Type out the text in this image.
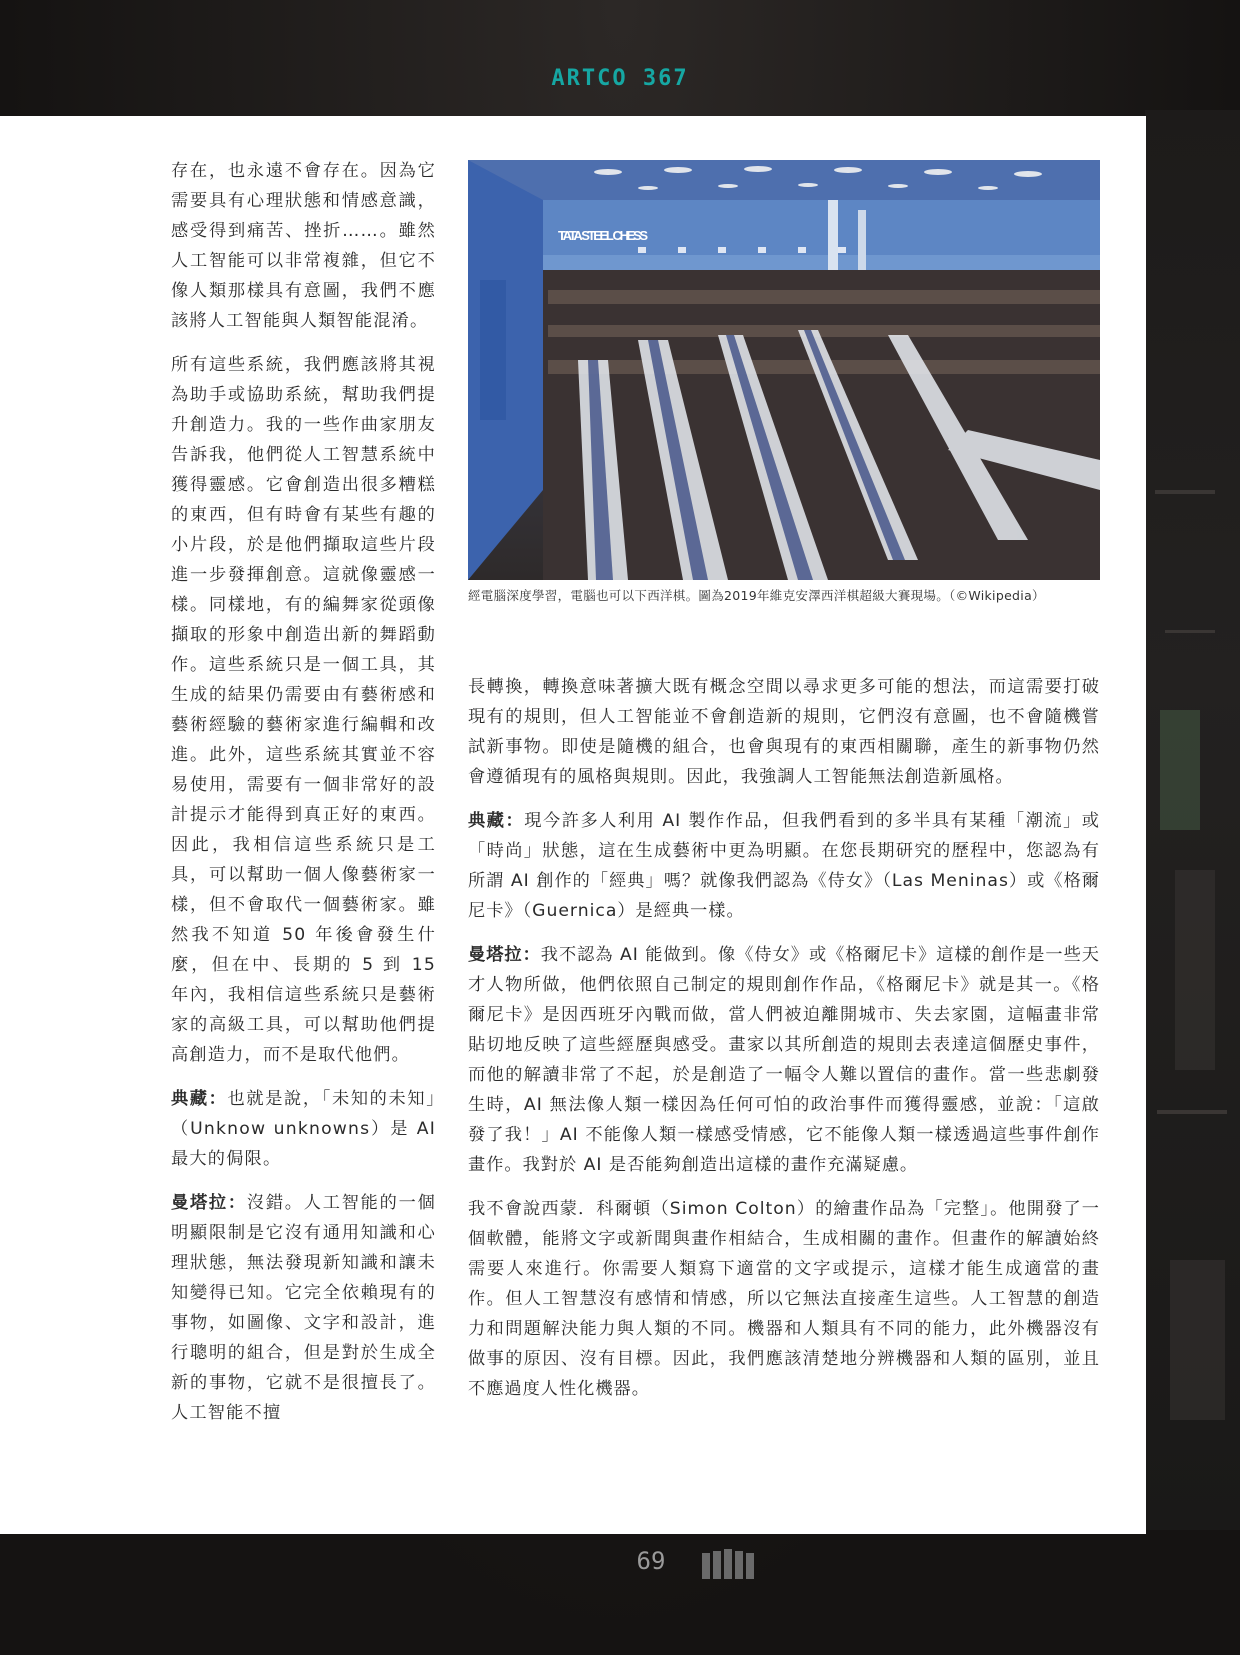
ARTCO 367

存在，也永遠不會存在。因為它需要具有心理狀態和情感意識，感受得到痛苦、挫折……。雖然人工智能可以非常複雜，但它不像人類那樣具有意圖，我們不應該將人工智能與人類智能混淆。

所有這些系統，我們應該將其視為助手或協助系統，幫助我們提升創造力。我的一些作曲家朋友告訴我，他們從人工智慧系統中獲得靈感。它會創造出很多糟糕的東西，但有時會有某些有趣的小片段，於是他們擷取這些片段進一步發揮創意。這就像靈感一樣。同樣地，有的編舞家從頭像擷取的形象中創造出新的舞蹈動作。這些系統只是一個工具，其生成的結果仍需要由有藝術感和藝術經驗的藝術家進行編輯和改進。此外，這些系統其實並不容易使用，需要有一個非常好的設計提示才能得到真正好的東西。因此，我相信這些系統只是工具，可以幫助一個人像藝術家一樣，但不會取代一個藝術家。雖然我不知道 50 年後會發生什麼，但在中、長期的 5 到 15 年內，我相信這些系統只是藝術家的高級工具，可以幫助他們提高創造力，而不是取代他們。

典藏：也就是說，「未知的未知」（Unknow unknowns）是 AI 最大的侷限。

曼塔拉：沒錯。人工智能的一個明顯限制是它沒有通用知識和心理狀態，無法發現新知識和讓未知變得已知。它完全依賴現有的事物，如圖像、文字和設計，進行聰明的組合，但是對於生成全新的事物，它就不是很擅長了。人工智能不擅

TATA STEEL CHESS
經電腦深度學習，電腦也可以下西洋棋。圖為2019年維克安澤西洋棋超級大賽現場。（©Wikipedia）

長轉換，轉換意味著擴大既有概念空間以尋求更多可能的想法，而這需要打破現有的規則，但人工智能並不會創造新的規則，它們沒有意圖，也不會隨機嘗試新事物。即使是隨機的組合，也會與現有的東西相關聯，產生的新事物仍然會遵循現有的風格與規則。因此，我強調人工智能無法創造新風格。

典藏：現今許多人利用 AI 製作作品，但我們看到的多半具有某種「潮流」或「時尚」狀態，這在生成藝術中更為明顯。在您長期研究的歷程中，您認為有所謂 AI 創作的「經典」嗎？就像我們認為《侍女》（Las Meninas）或《格爾尼卡》（Guernica）是經典一樣。

曼塔拉：我不認為 AI 能做到。像《侍女》或《格爾尼卡》這樣的創作是一些天才人物所做，他們依照自己制定的規則創作作品，《格爾尼卡》就是其一。《格爾尼卡》是因西班牙內戰而做，當人們被迫離開城市、失去家園，這幅畫非常貼切地反映了這些經歷與感受。畫家以其所創造的規則去表達這個歷史事件，而他的解讀非常了不起，於是創造了一幅令人難以置信的畫作。當一些悲劇發生時，AI 無法像人類一樣因為任何可怕的政治事件而獲得靈感，並說：「這啟發了我！」AI 不能像人類一樣感受情感，它不能像人類一樣透過這些事件創作畫作。我對於 AI 是否能夠創造出這樣的畫作充滿疑慮。

我不會說西蒙．科爾頓（Simon Colton）的繪畫作品為「完整」。他開發了一個軟體，能將文字或新聞與畫作相結合，生成相關的畫作。但畫作的解讀始終需要人來進行。你需要人類寫下適當的文字或提示，這樣才能生成適當的畫作。但人工智慧沒有感情和情感，所以它無法直接產生這些。人工智慧的創造力和問題解決能力與人類的不同。機器和人類具有不同的能力，此外機器沒有做事的原因、沒有目標。因此，我們應該清楚地分辨機器和人類的區別，並且不應過度人性化機器。

69
